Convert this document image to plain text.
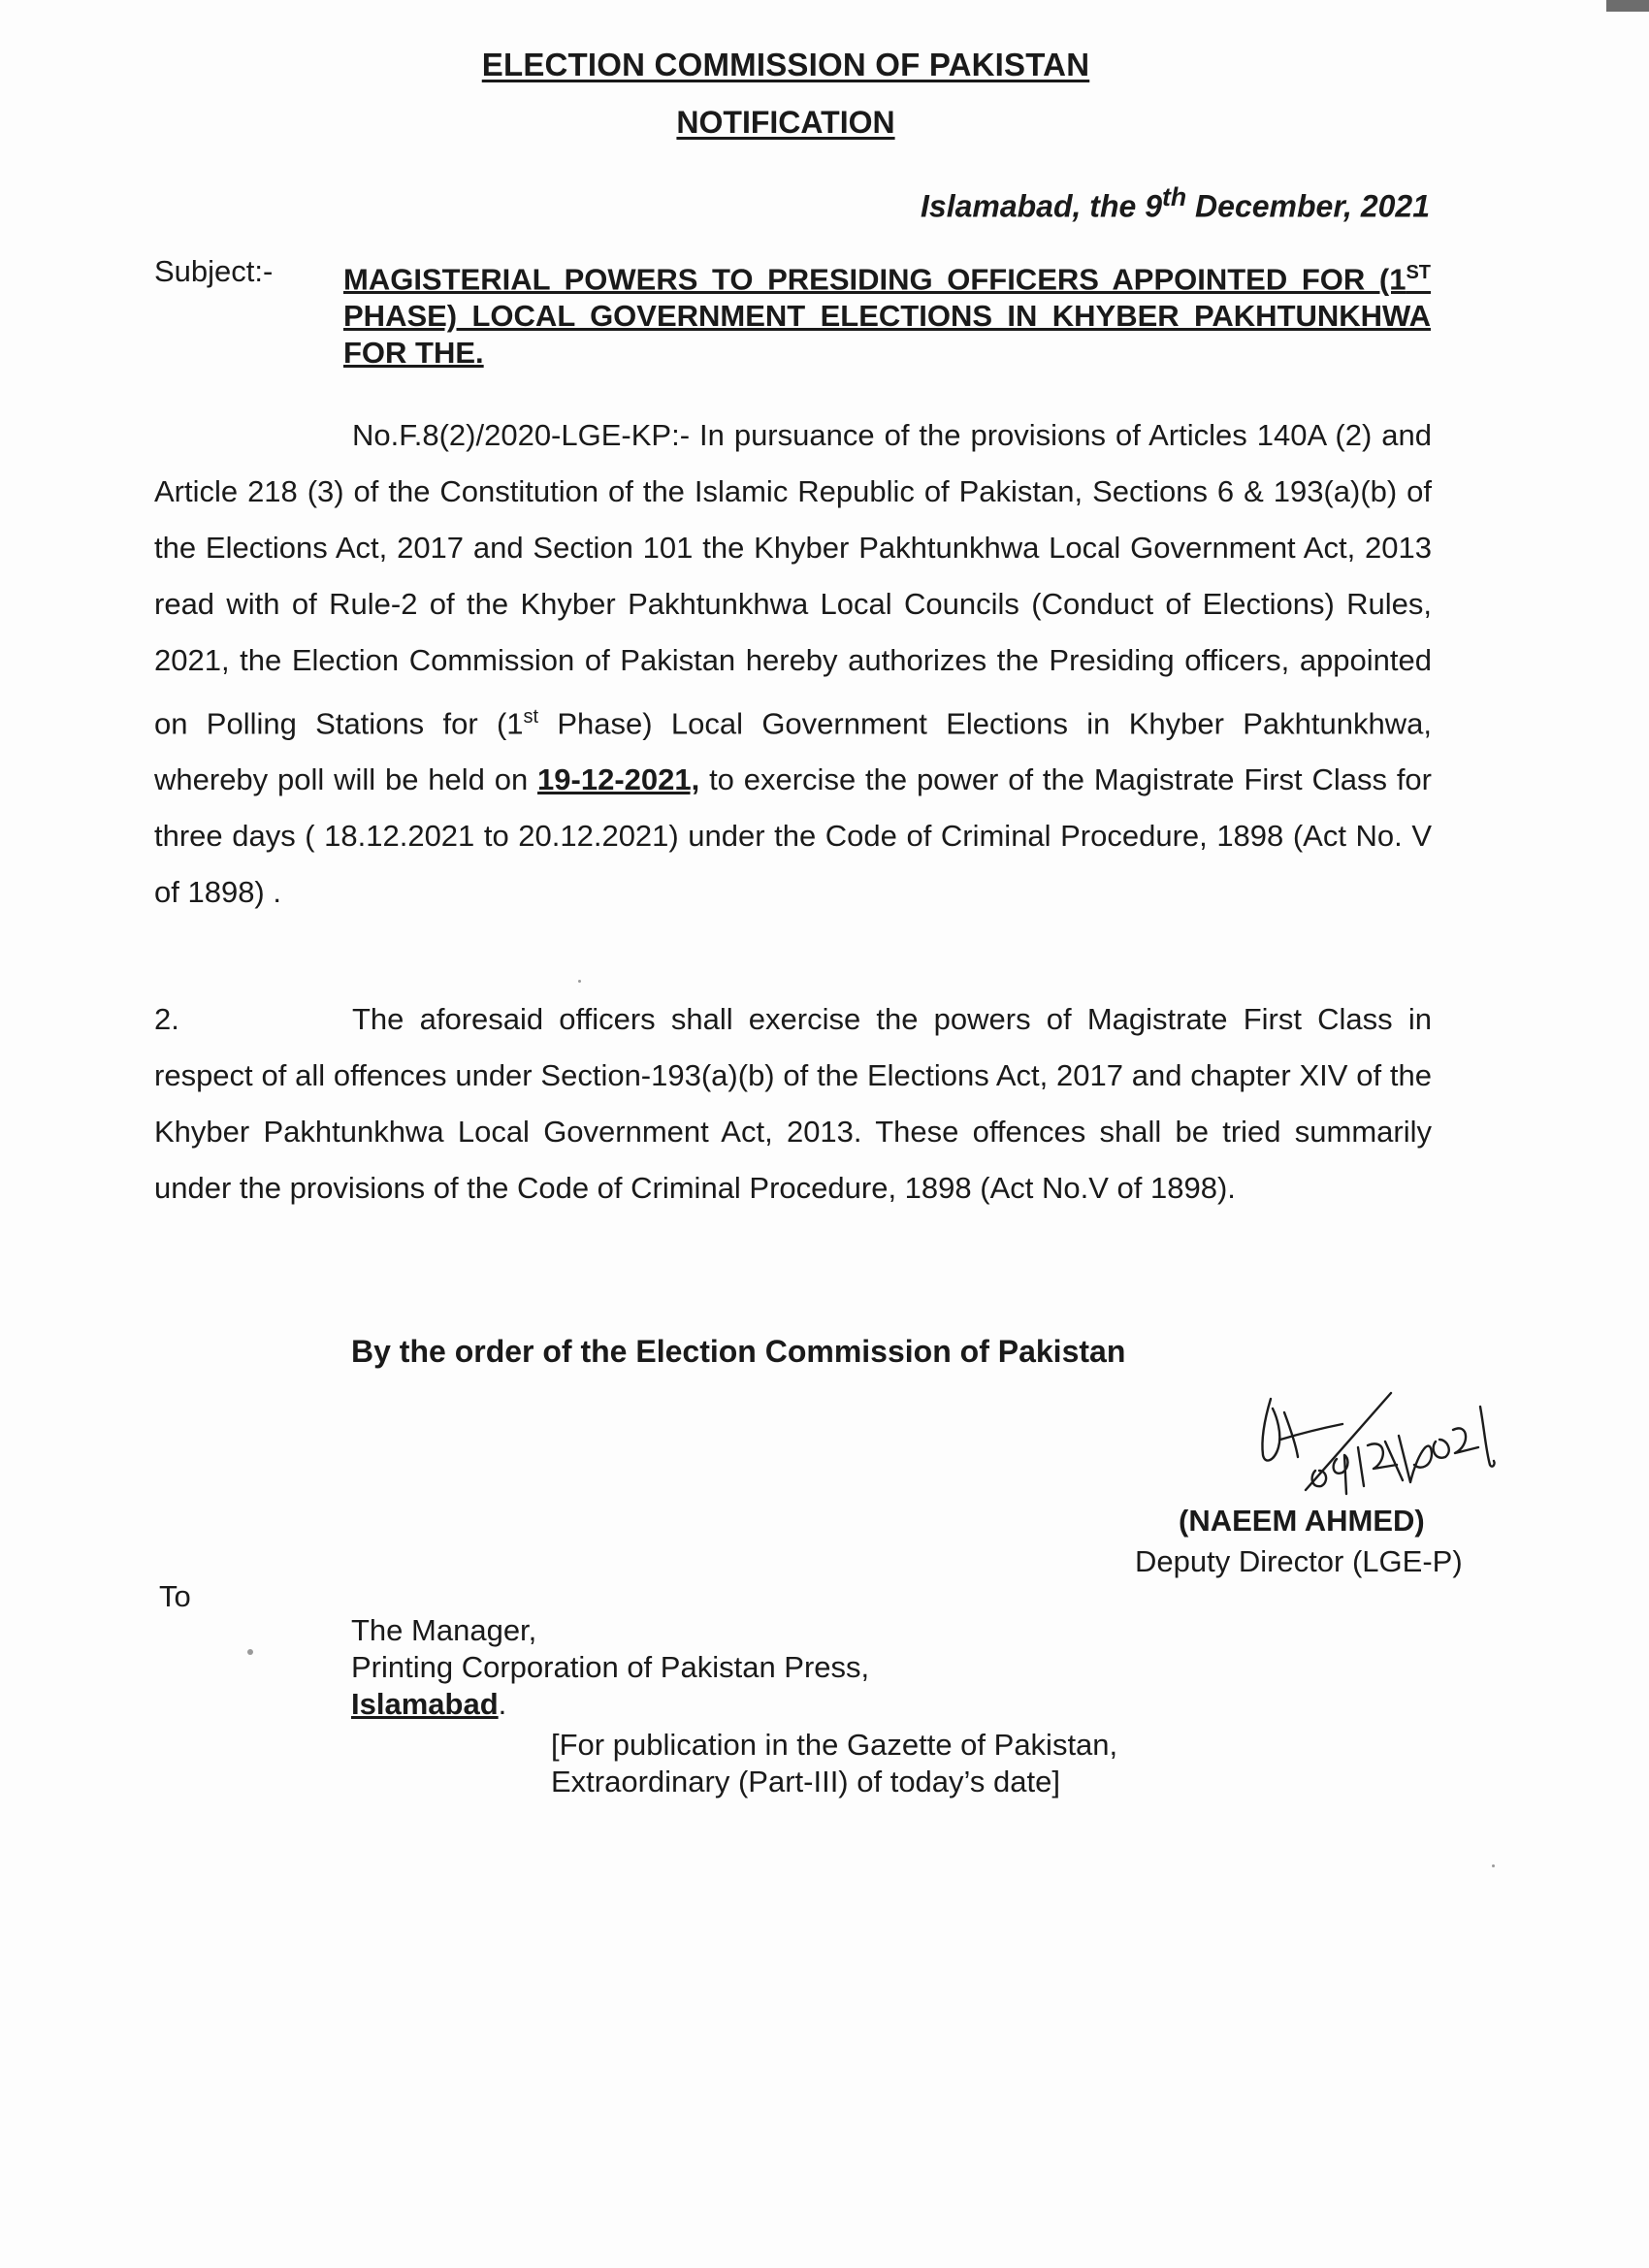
ELECTION COMMISSION OF PAKISTAN
NOTIFICATION
Islamabad, the 9th December, 2021
Subject:- MAGISTERIAL POWERS TO PRESIDING OFFICERS APPOINTED FOR (1ST PHASE) LOCAL GOVERNMENT ELECTIONS IN KHYBER PAKHTUNKHWA FOR THE.

No.F.8(2)/2020-LGE-KP:- In pursuance of the provisions of Articles 140A (2) and Article 218 (3) of the Constitution of the Islamic Republic of Pakistan, Sections 6 & 193(a)(b) of the Elections Act, 2017 and Section 101 the Khyber Pakhtunkhwa Local Government Act, 2013 read with of Rule-2 of the Khyber Pakhtunkhwa Local Councils (Conduct of Elections) Rules, 2021, the Election Commission of Pakistan hereby authorizes the Presiding officers, appointed on Polling Stations for (1st Phase) Local Government Elections in Khyber Pakhtunkhwa, whereby poll will be held on 19-12-2021, to exercise the power of the Magistrate First Class for three days ( 18.12.2021 to 20.12.2021) under the Code of Criminal Procedure, 1898 (Act No. V of 1898) .

2.	The aforesaid officers shall exercise the powers of Magistrate First Class in respect of all offences under Section-193(a)(b) of the Elections Act, 2017 and chapter XIV of the Khyber Pakhtunkhwa Local Government Act, 2013. These offences shall be tried summarily under the provisions of the Code of Criminal Procedure, 1898 (Act No.V of 1898).

By the order of the Election Commission of Pakistan
09/12/2021
(NAEEM AHMED)
Deputy Director (LGE-P)
To
The Manager,
Printing Corporation of Pakistan Press,
Islamabad.
[For publication in the Gazette of Pakistan,
Extraordinary (Part-III) of today’s date]
